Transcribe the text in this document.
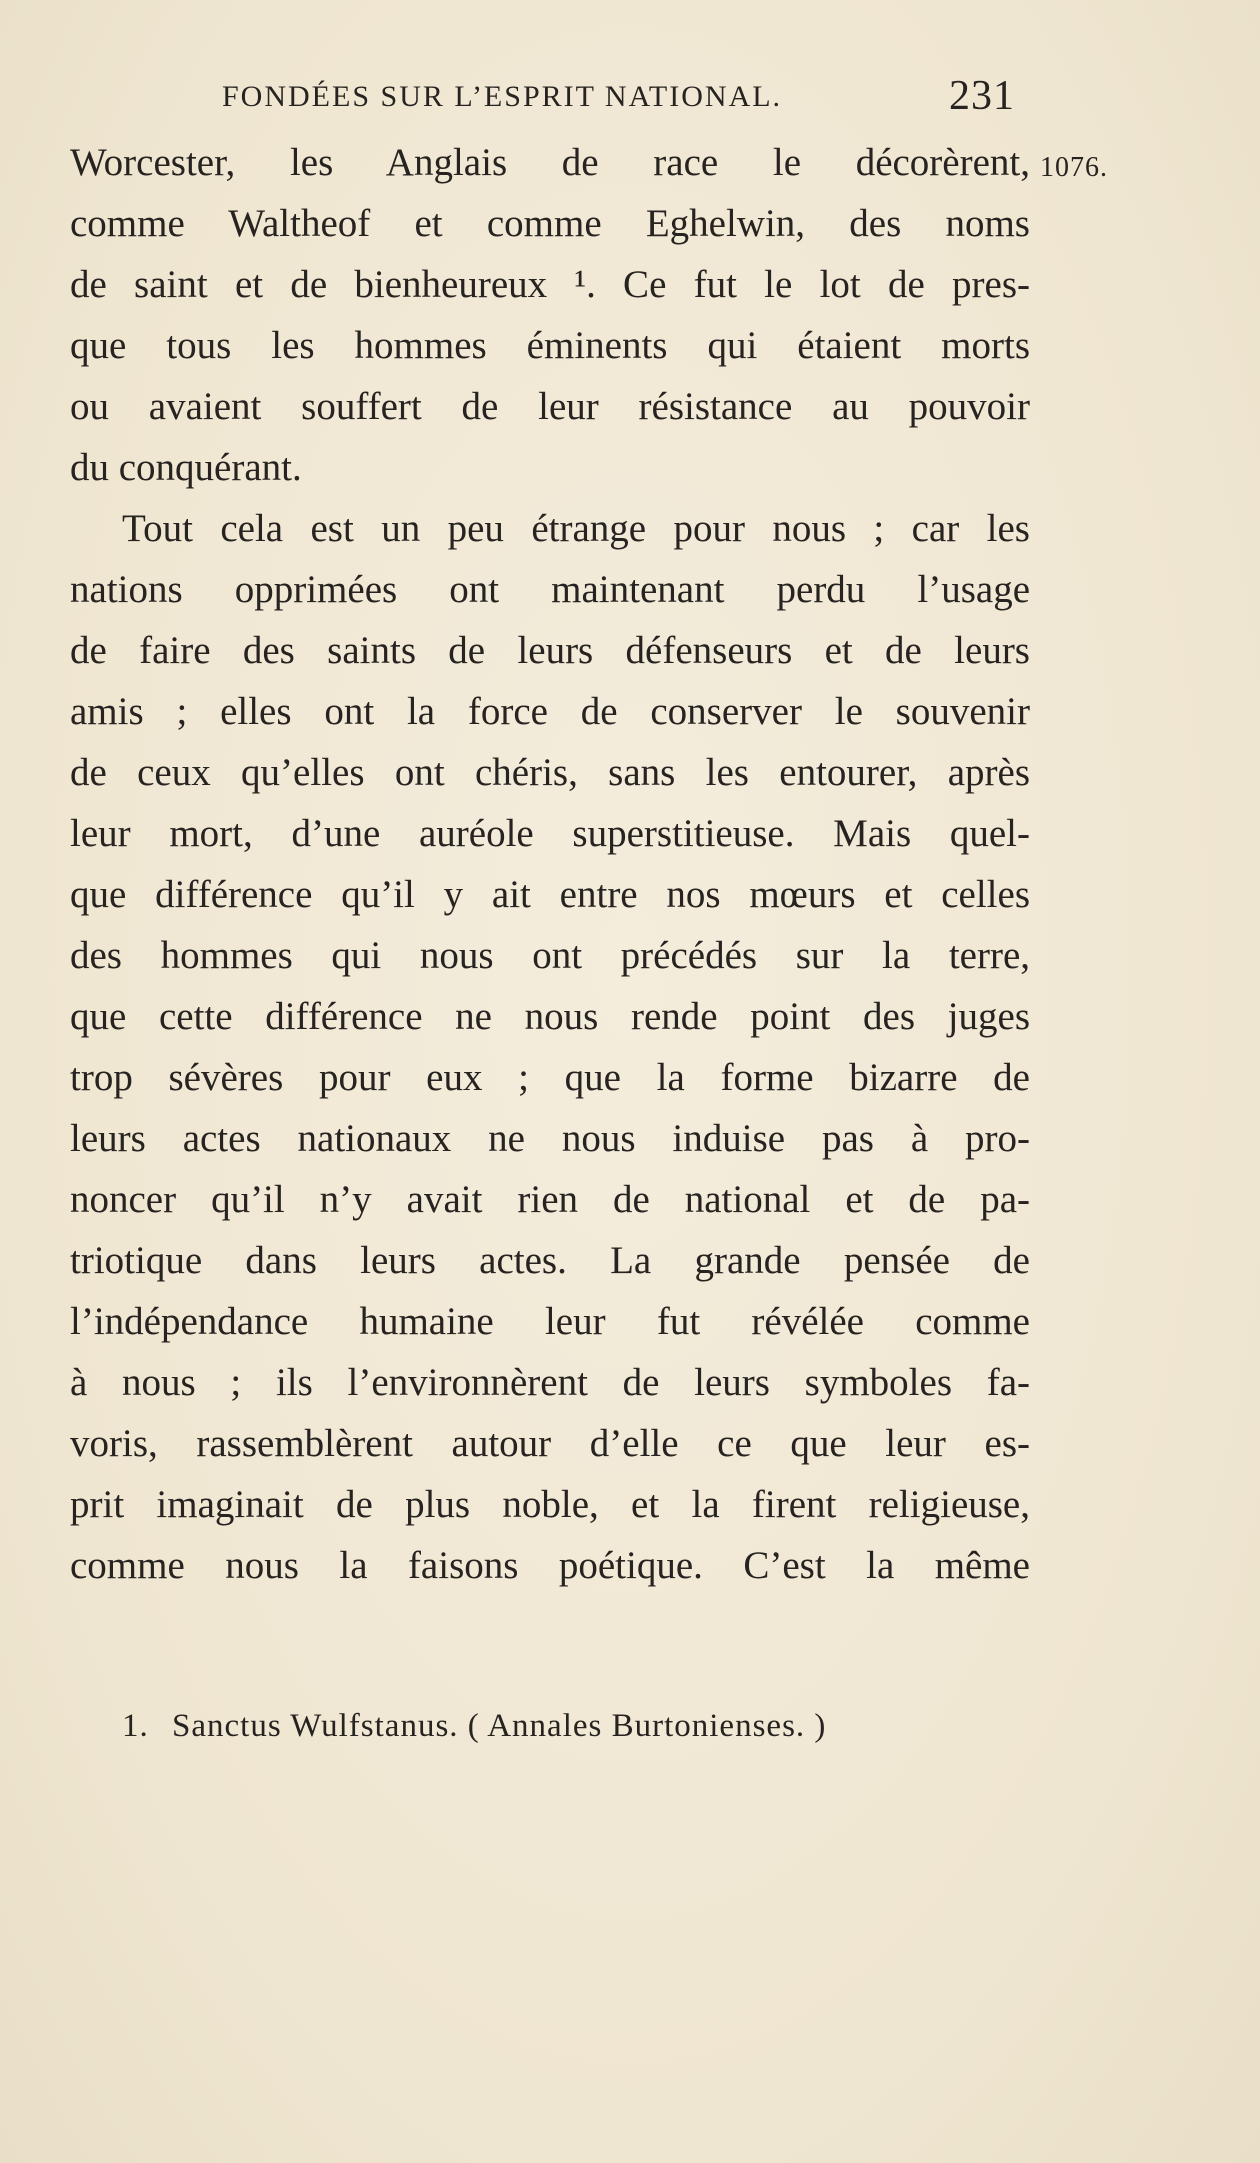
FONDÉES SUR L’ESPRIT NATIONAL.	231
1076.
Worcester, les Anglais de race le décorèrent,
comme Waltheof et comme Eghelwin, des noms
de saint et de bienheureux ¹. Ce fut le lot de pres-
que tous les hommes éminents qui étaient morts
ou avaient souffert de leur résistance au pouvoir
du conquérant.
Tout cela est un peu étrange pour nous ; car les
nations opprimées ont maintenant perdu l’usage
de faire des saints de leurs défenseurs et de leurs
amis ; elles ont la force de conserver le souvenir
de ceux qu’elles ont chéris, sans les entourer, après
leur mort, d’une auréole superstitieuse. Mais quel-
que différence qu’il y ait entre nos mœurs et celles
des hommes qui nous ont précédés sur la terre,
que cette différence ne nous rende point des juges
trop sévères pour eux ; que la forme bizarre de
leurs actes nationaux ne nous induise pas à pro-
noncer qu’il n’y avait rien de national et de pa-
triotique dans leurs actes. La grande pensée de
l’indépendance humaine leur fut révélée comme
à nous ; ils l’environnèrent de leurs symboles fa-
voris, rassemblèrent autour d’elle ce que leur es-
prit imaginait de plus noble, et la firent religieuse,
comme nous la faisons poétique. C’est la même
1. Sanctus Wulfstanus. ( Annales Burtonienses. )
